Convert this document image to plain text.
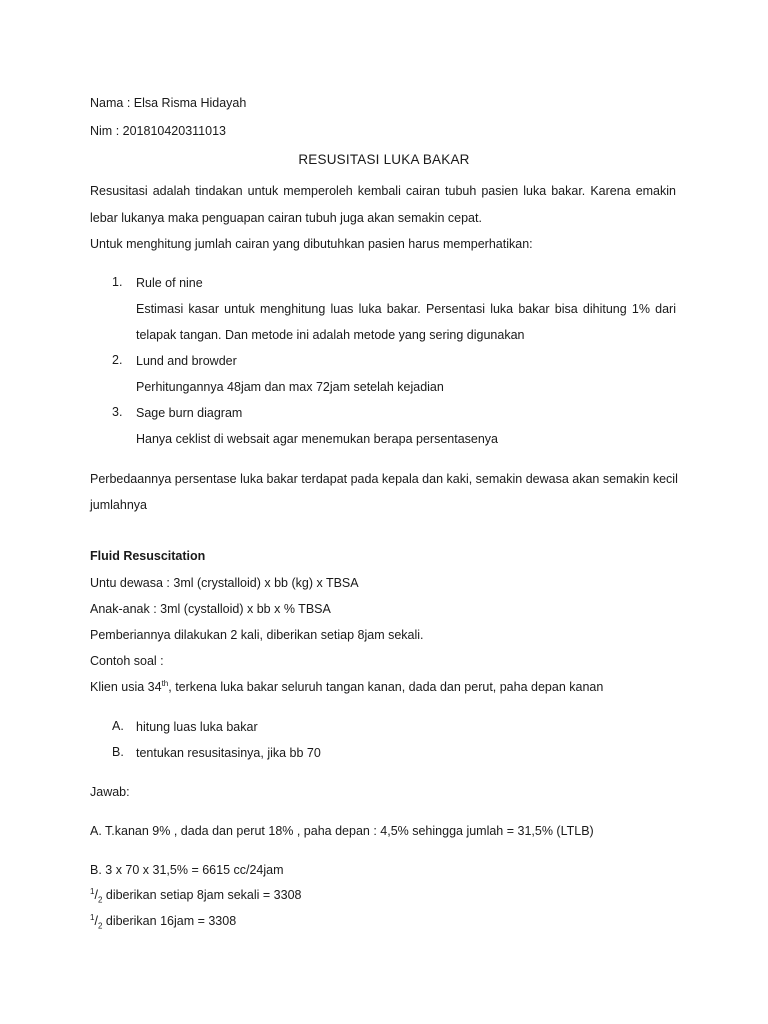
Nama : Elsa Risma Hidayah
Nim : 201810420311013
RESUSITASI LUKA BAKAR
Resusitasi adalah tindakan untuk memperoleh kembali cairan tubuh pasien luka bakar. Karena emakin
lebar lukanya maka penguapan cairan tubuh juga akan semakin cepat.
Untuk menghitung jumlah cairan yang dibutuhkan pasien harus memperhatikan:
1.	Rule of nine
Estimasi kasar untuk menghitung luas luka bakar. Persentasi luka bakar bisa dihitung 1% dari
telapak tangan. Dan metode ini adalah metode yang sering digunakan
2.	Lund and browder
Perhitungannya 48jam dan max 72jam setelah kejadian
3.	Sage burn diagram
Hanya ceklist di websait agar menemukan berapa persentasenya
Perbedaannya persentase luka bakar terdapat pada kepala dan kaki, semakin dewasa akan semakin kecil
jumlahnya
Fluid Resuscitation
Untu dewasa : 3ml (crystalloid) x bb (kg) x TBSA
Anak-anak : 3ml (cystalloid) x bb x % TBSA
Pemberiannya dilakukan 2 kali, diberikan setiap 8jam sekali.
Contoh soal :
Klien usia 34th, terkena luka bakar seluruh tangan kanan, dada dan perut, paha depan kanan
A. hitung luas luka bakar
B. tentukan resusitasinya, jika bb 70
Jawab:
A. T.kanan 9% , dada dan perut 18% , paha depan : 4,5% sehingga jumlah = 31,5% (LTLB)
B. 3 x 70 x 31,5% = 6615 cc/24jam
$^1/_2$ diberikan setiap 8jam sekali = 3308
$^1/_2$ diberikan 16jam = 3308
